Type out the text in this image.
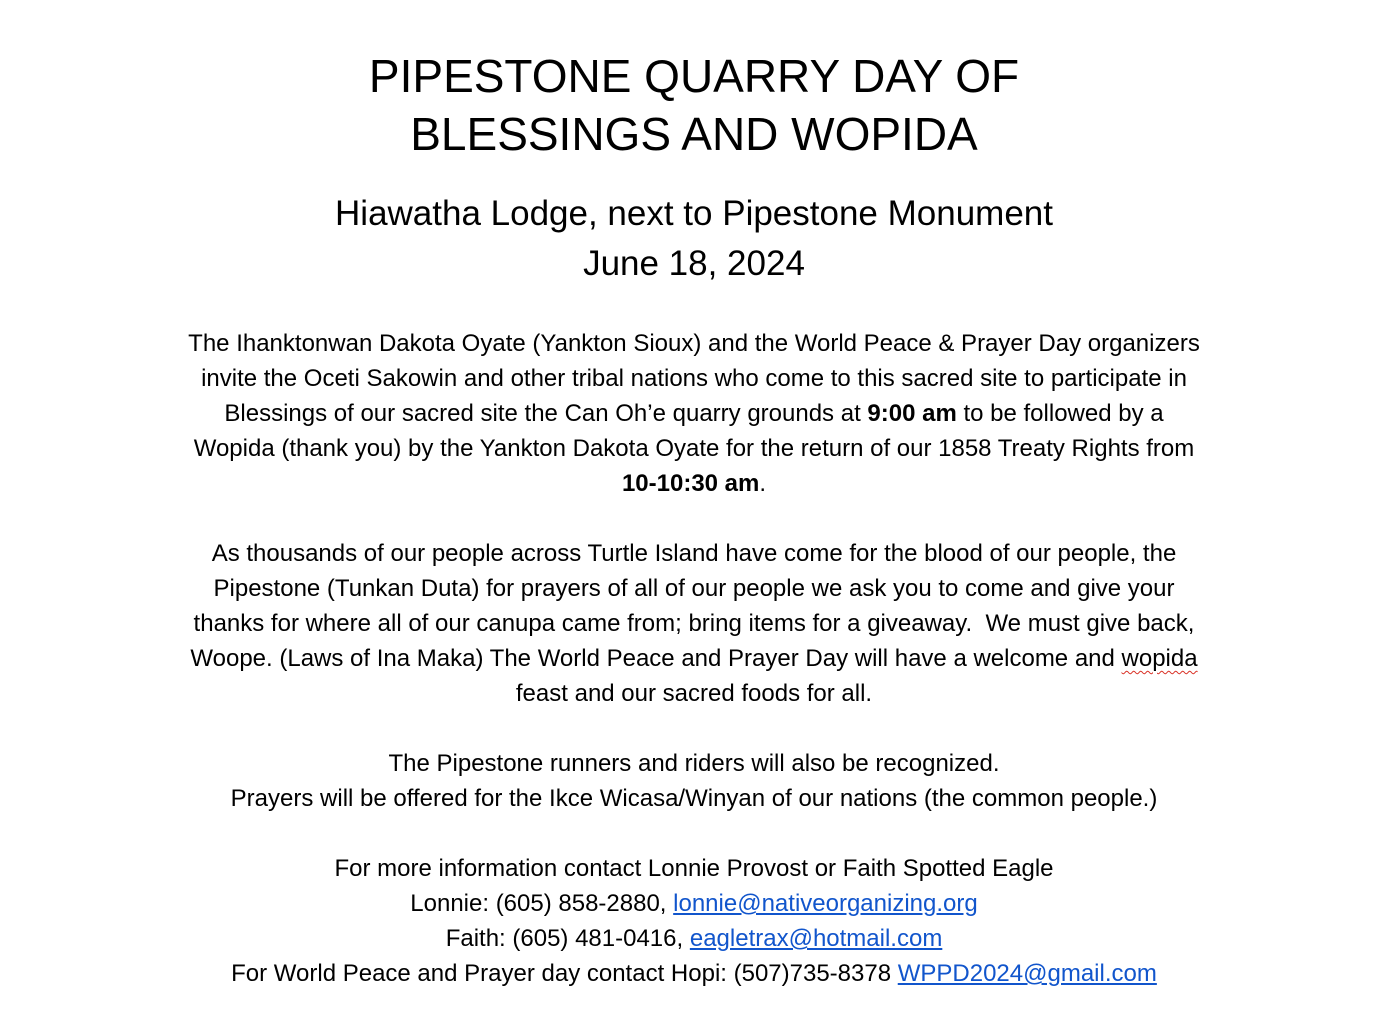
PIPESTONE QUARRY DAY OF
BLESSINGS AND WOPIDA
Hiawatha Lodge, next to Pipestone Monument
June 18, 2024

The Ihanktonwan Dakota Oyate (Yankton Sioux) and the World Peace & Prayer Day organizers
invite the Oceti Sakowin and other tribal nations who come to this sacred site to participate in
Blessings of our sacred site the Can Oh’e quarry grounds at 9:00 am to be followed by a
Wopida (thank you) by the Yankton Dakota Oyate for the return of our 1858 Treaty Rights from
10-10:30 am.

As thousands of our people across Turtle Island have come for the blood of our people, the
Pipestone (Tunkan Duta) for prayers of all of our people we ask you to come and give your
thanks for where all of our canupa came from; bring items for a giveaway.  We must give back,
Woope. (Laws of Ina Maka) The World Peace and Prayer Day will have a welcome and wopida
feast and our sacred foods for all.

The Pipestone runners and riders will also be recognized.
Prayers will be offered for the Ikce Wicasa/Winyan of our nations (the common people.)

For more information contact Lonnie Provost or Faith Spotted Eagle
Lonnie: (605) 858-2880, lonnie@nativeorganizing.org
Faith: (605) 481-0416, eagletrax@hotmail.com
For World Peace and Prayer day contact Hopi: (507)735-8378 WPPD2024@gmail.com
